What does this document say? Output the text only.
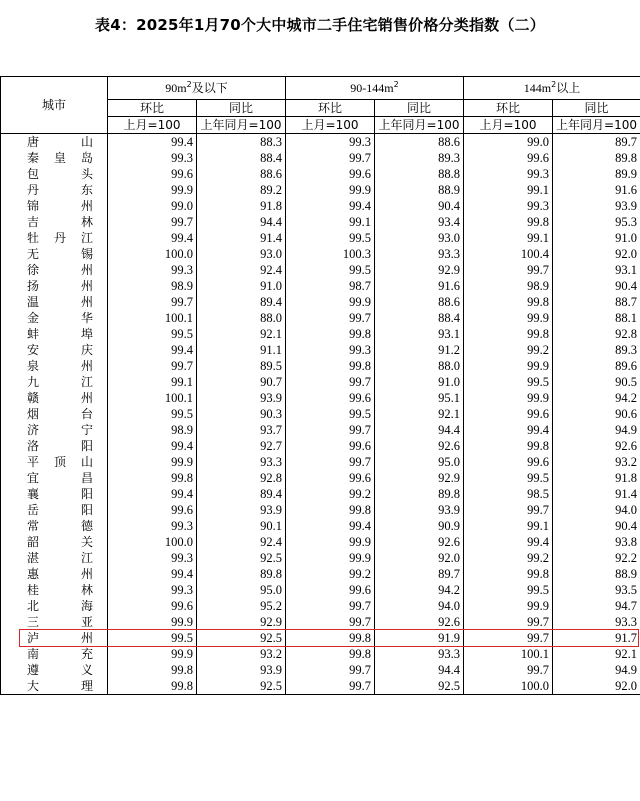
表4：2025年1月70个大中城市二手住宅销售价格分类指数（二）
城市	$90m^2$及以下		$90-144m^2$		$144m^2$以上	
	环比	同比	环比	同比	环比	同比
	上月=100	上年同月=100	上月=100	上年同月=100	上月=100	上年同月=100

唐 山	99.4	88.3	99.3	88.6	99.0	89.7

秦 皇 岛	99.3	88.4	99.7	89.3	99.6	89.8

包 头	99.6	88.6	99.6	88.8	99.3	89.9

丹 东	99.9	89.2	99.9	88.9	99.1	91.6

锦 州	99.0	91.8	99.4	90.4	99.3	93.9

吉 林	99.7	94.4	99.1	93.4	99.8	95.3

牡 丹 江	99.4	91.4	99.5	93.0	99.1	91.0

无 锡	100.0	93.0	100.3	93.3	100.4	92.0

徐 州	99.3	92.4	99.5	92.9	99.7	93.1

扬 州	98.9	91.0	98.7	91.6	98.9	90.4

温 州	99.7	89.4	99.9	88.6	99.8	88.7

金 华	100.1	88.0	99.7	88.4	99.9	88.1

蚌 埠	99.5	92.1	99.8	93.1	99.8	92.8

安 庆	99.4	91.1	99.3	91.2	99.2	89.3

泉 州	99.7	89.5	99.8	88.0	99.9	89.6

九 江	99.1	90.7	99.7	91.0	99.5	90.5

赣 州	100.1	93.9	99.6	95.1	99.9	94.2

烟 台	99.5	90.3	99.5	92.1	99.6	90.6

济 宁	98.9	93.7	99.7	94.4	99.4	94.9

洛 阳	99.4	92.7	99.6	92.6	99.8	92.6

平 顶 山	99.9	93.3	99.7	95.0	99.6	93.2

宜 昌	99.8	92.8	99.6	92.9	99.5	91.8

襄 阳	99.4	89.4	99.2	89.8	98.5	91.4

岳 阳	99.6	93.9	99.8	93.9	99.7	94.0

常 德	99.3	90.1	99.4	90.9	99.1	90.4

韶 关	100.0	92.4	99.9	92.6	99.4	93.8

湛 江	99.3	92.5	99.9	92.0	99.2	92.2

惠 州	99.4	89.8	99.2	89.7	99.8	88.9

桂 林	99.3	95.0	99.6	94.2	99.5	93.5

北 海	99.6	95.2	99.7	94.0	99.9	94.7

三 亚	99.9	92.9	99.7	92.6	99.7	93.3

泸 州	99.5	92.5	99.8	91.9	99.7	91.7

南 充	99.9	93.2	99.8	93.3	100.1	92.1

遵 义	99.8	93.9	99.7	94.4	99.7	94.9

大 理	99.8	92.5	99.7	92.5	100.0	92.0
